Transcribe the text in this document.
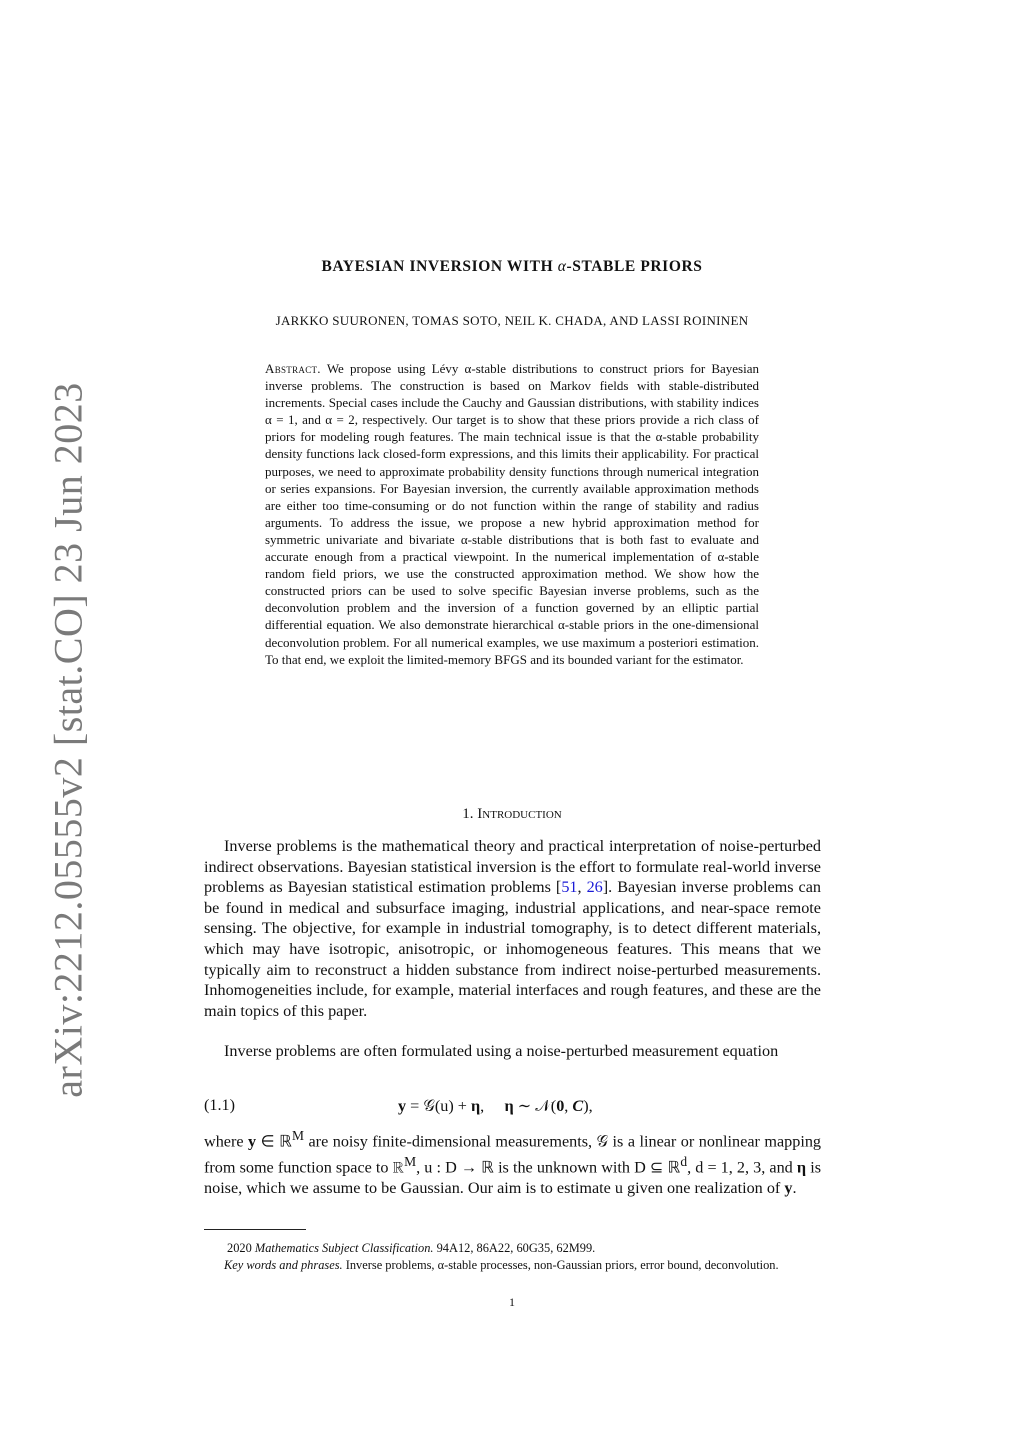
arXiv:2212.05555v2 [stat.CO] 23 Jun 2023
BAYESIAN INVERSION WITH α-STABLE PRIORS
JARKKO SUURONEN, TOMAS SOTO, NEIL K. CHADA, AND LASSI ROININEN
Abstract. We propose using Lévy α-stable distributions to construct priors for Bayesian inverse problems. The construction is based on Markov fields with stable-distributed increments. Special cases include the Cauchy and Gaussian distributions, with stability indices α = 1, and α = 2, respectively. Our target is to show that these priors provide a rich class of priors for modeling rough features. The main technical issue is that the α-stable probability density functions lack closed-form expressions, and this limits their applicability. For practical purposes, we need to approximate probability density functions through numerical integration or series expansions. For Bayesian inversion, the currently available approximation methods are either too time-consuming or do not function within the range of stability and radius arguments. To address the issue, we propose a new hybrid approximation method for symmetric univariate and bivariate α-stable distributions that is both fast to evaluate and accurate enough from a practical viewpoint. In the numerical implementation of α-stable random field priors, we use the constructed approximation method. We show how the constructed priors can be used to solve specific Bayesian inverse problems, such as the deconvolution problem and the inversion of a function governed by an elliptic partial differential equation. We also demonstrate hierarchical α-stable priors in the one-dimensional deconvolution problem. For all numerical examples, we use maximum a posteriori estimation. To that end, we exploit the limited-memory BFGS and its bounded variant for the estimator.
1. Introduction

Inverse problems is the mathematical theory and practical interpretation of noise-perturbed indirect observations. Bayesian statistical inversion is the effort to formulate real-world inverse problems as Bayesian statistical estimation problems [51, 26]. Bayesian inverse problems can be found in medical and subsurface imaging, industrial applications, and near-space remote sensing. The objective, for example in industrial tomography, is to detect different materials, which may have isotropic, anisotropic, or inhomogeneous features. This means that we typically aim to reconstruct a hidden substance from indirect noise-perturbed measurements. Inhomogeneities include, for example, material interfaces and rough features, and these are the main topics of this paper.

Inverse problems are often formulated using a noise-perturbed measurement equation

(1.1)	y = 𝒢(u) + η,     η ∼ 𝒩(0, C),

where y ∈ ℝ$^M$ are noisy finite-dimensional measurements, 𝒢 is a linear or nonlinear mapping from some function space to ℝ$^M$, u : D → ℝ is the unknown with D ⊆ ℝ$^d$, d = 1, 2, 3, and η is noise, which we assume to be Gaussian. Our aim is to estimate u given one realization of y.

2020 Mathematics Subject Classification. 94A12, 86A22, 60G35, 62M99.

Key words and phrases. Inverse problems, α-stable processes, non-Gaussian priors, error bound, deconvolution.

1
